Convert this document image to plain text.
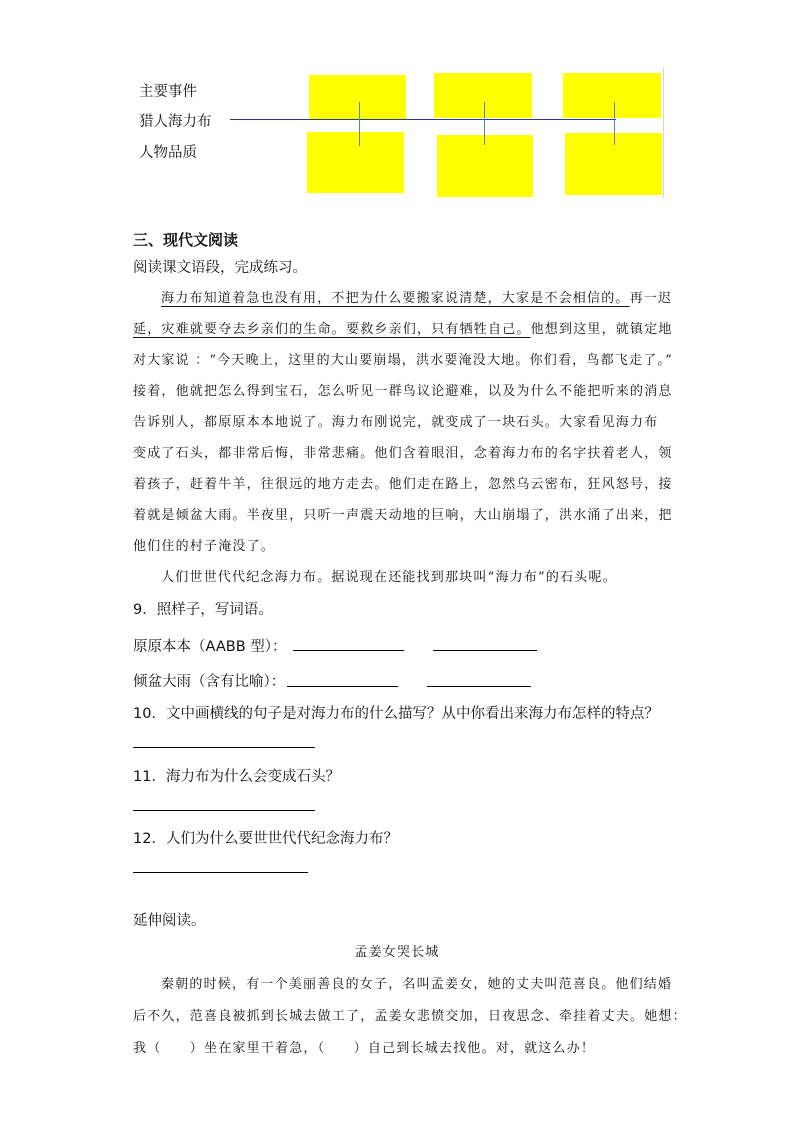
主要事件
猎人海力布
人物品质
三、现代文阅读
阅读课文语段，完成练习。
海力布知道着急也没有用，不把为什么要搬家说清楚，大家是不会相信的。再一迟
延，灾难就要夺去乡亲们的生命。要救乡亲们，只有牺牲自己。他想到这里，就镇定地
对大家说 ：“今天晚上，这里的大山要崩塌，洪水要淹没大地。你们看，鸟都飞走了。”
接着，他就把怎么得到宝石，怎么听见一群鸟议论避难，以及为什么不能把听来的消息
告诉别人，都原原本本地说了。海力布刚说完，就变成了一块石头。大家看见海力布
变成了石头，都非常后悔，非常悲痛。他们含着眼泪，念着海力布的名字扶着老人，领
着孩子，赶着牛羊，往很远的地方走去。他们走在路上，忽然乌云密布，狂风怒号，接
着就是倾盆大雨。半夜里，只听一声震天动地的巨响，大山崩塌了，洪水涌了出来，把
他们住的村子淹没了。
人们世世代代纪念海力布。据说现在还能找到那块叫“海力布”的石头呢。
9．照样子，写词语。
原原本本（AABB 型）：
倾盆大雨（含有比喻）：
10．文中画横线的句子是对海力布的什么描写？从中你看出来海力布怎样的特点？
11．海力布为什么会变成石头？
12．人们为什么要世世代代纪念海力布？
延伸阅读。
孟姜女哭长城
秦朝的时候，有一个美丽善良的女子，名叫孟姜女，她的丈夫叫范喜良。他们结婚
后不久，范喜良被抓到长城去做工了，孟姜女悲愤交加，日夜思念、牵挂着丈夫。她想：
我（　　）坐在家里干着急，（　　）自己到长城去找他。对，就这么办！
